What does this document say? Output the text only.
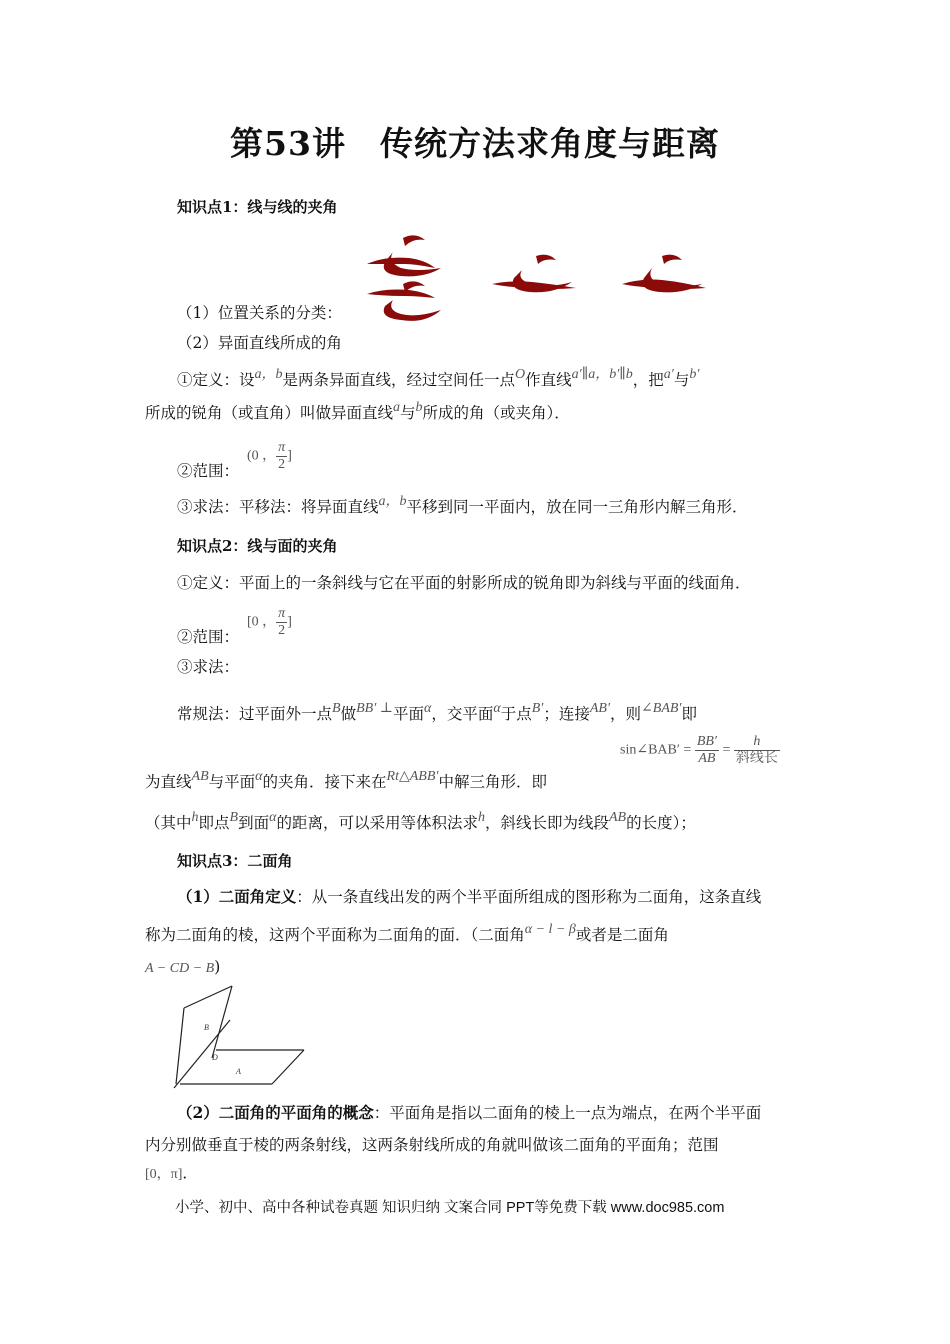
第53讲　传统方法求角度与距离
知识点1：线与线的夹角
（1）位置关系的分类：
（2）异面直线所成的角
①定义：设a，b是两条异面直线，经过空间任一点O作直线a′∥a，b′∥b，把a′与b′
所成的锐角（或直角）叫做异面直线a与b所成的角（或夹角）．
(0 ， $\frac{\pi}{2}$ ]
②范围：
③求法：平移法：将异面直线a，b平移到同一平面内，放在同一三角形内解三角形．
知识点2：线与面的夹角
①定义：平面上的一条斜线与它在平面的射影所成的锐角即为斜线与平面的线面角．
[0 ， $\frac{\pi}{2}$ ]
②范围：
③求法：
常规法：过平面外一点B做BB′ ⊥平面α，交平面α于点B′；连接AB′，则∠BAB′即
sin∠BAB′ = $\frac{BB'}{AB} = \frac{h}{\text{斜线长}}$
为直线AB与平面α的夹角．接下来在Rt△ABB′中解三角形．即
（其中h即点B到面α的距离，可以采用等体积法求h，斜线长即为线段AB的长度）；
知识点3：二面角
（1）二面角定义：从一条直线出发的两个半平面所组成的图形称为二面角，这条直线
称为二面角的棱，这两个平面称为二面角的面．（二面角α − l − β或者是二面角
A − CD − B)
B
D
A
（2）二面角的平面角的概念：平面角是指以二面角的棱上一点为端点，在两个半平面
内分别做垂直于棱的两条射线，这两条射线所成的角就叫做该二面角的平面角；范围
[0，π]．
小学、初中、高中各种试卷真题 知识归纳 文案合同 PPT等免费下载 www.doc985.com
